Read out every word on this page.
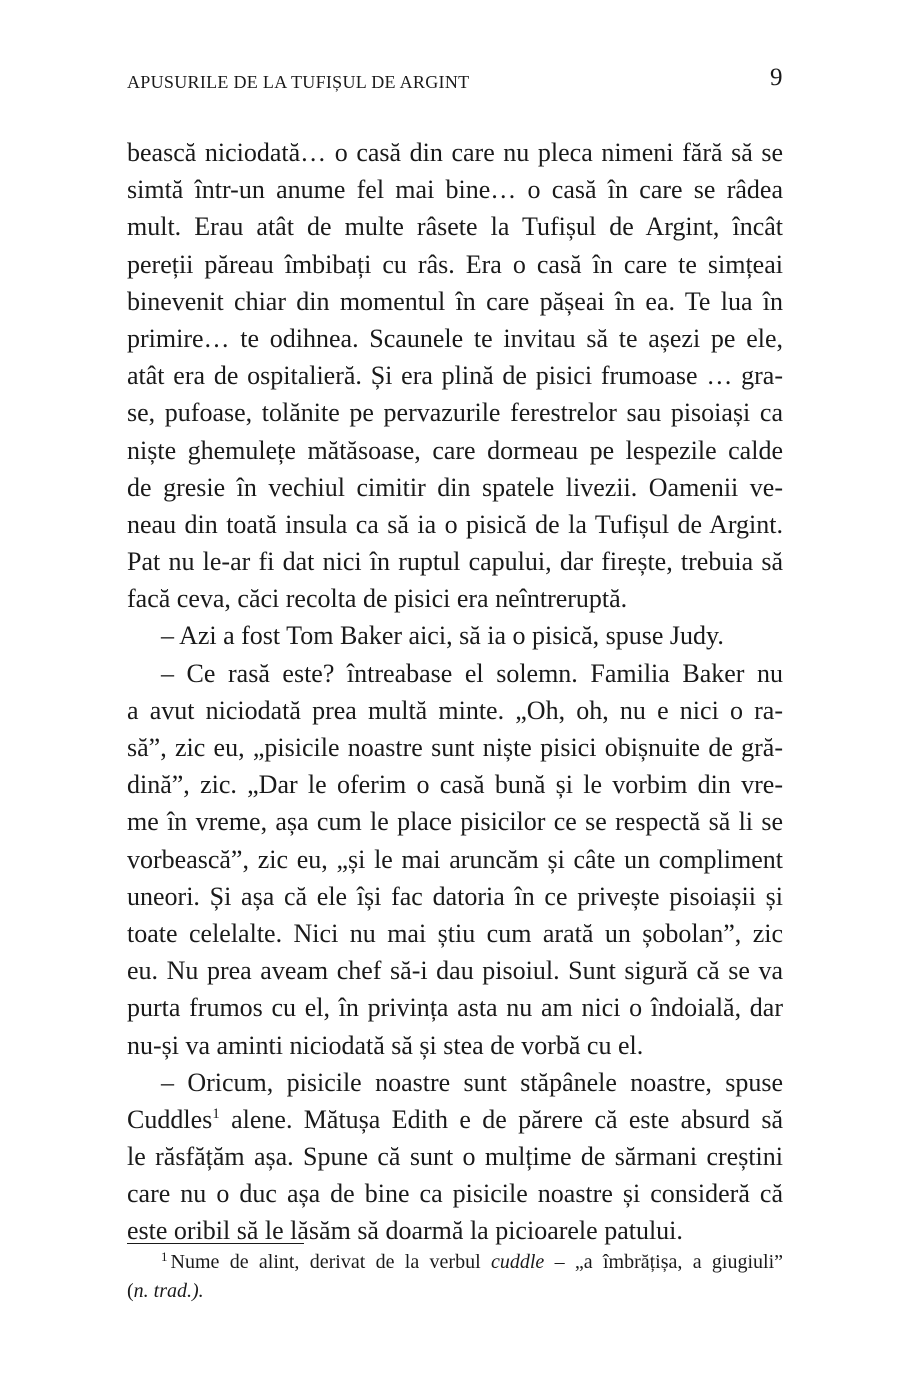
APUSURILE DE LA TUFIȘUL DE ARGINT	9
bească niciodată… o casă din care nu pleca nimeni fără să se
simtă într-un anume fel mai bine… o casă în care se râdea
mult. Erau atât de multe râsete la Tufișul de Argint, încât
pereții păreau îmbibați cu râs. Era o casă în care te simțeai
binevenit chiar din momentul în care pășeai în ea. Te lua în
primire… te odihnea. Scaunele te invitau să te așezi pe ele,
atât era de ospitalieră. Și era plină de pisici frumoase … gra-
se, pufoase, tolănite pe pervazurile ferestrelor sau pisoiași ca
niște ghemulețe mătăsoase, care dormeau pe lespezile calde
de gresie în vechiul cimitir din spatele livezii. Oamenii ve-
neau din toată insula ca să ia o pisică de la Tufișul de Argint.
Pat nu le-ar fi dat nici în ruptul capului, dar firește, trebuia să
facă ceva, căci recolta de pisici era neîntreruptă.
– Azi a fost Tom Baker aici, să ia o pisică, spuse Judy.
– Ce rasă este? întreabase el solemn. Familia Baker nu
a avut niciodată prea multă minte. „Oh, oh, nu e nici o ra-
să”, zic eu, „pisicile noastre sunt niște pisici obișnuite de gră-
dină”, zic. „Dar le oferim o casă bună și le vorbim din vre-
me în vreme, așa cum le place pisicilor ce se respectă să li se
vorbească”, zic eu, „și le mai aruncăm și câte un compliment
uneori. Și așa că ele își fac datoria în ce privește pisoiașii și
toate celelalte. Nici nu mai știu cum arată un șobolan”, zic
eu. Nu prea aveam chef să-i dau pisoiul. Sunt sigură că se va
purta frumos cu el, în privința asta nu am nici o îndoială, dar
nu-și va aminti niciodată să și stea de vorbă cu el.
– Oricum, pisicile noastre sunt stăpânele noastre, spuse
Cuddles$^1$ alene. Mătușa Edith e de părere că este absurd să
le răsfățăm așa. Spune că sunt o mulțime de sărmani creștini
care nu o duc așa de bine ca pisicile noastre și consideră că
este oribil să le lăsăm să doarmă la picioarele patului.
$^1$ Nume de alint, derivat de la verbul cuddle – „a îmbrățișa, a giugiuli”
(n. trad.).
